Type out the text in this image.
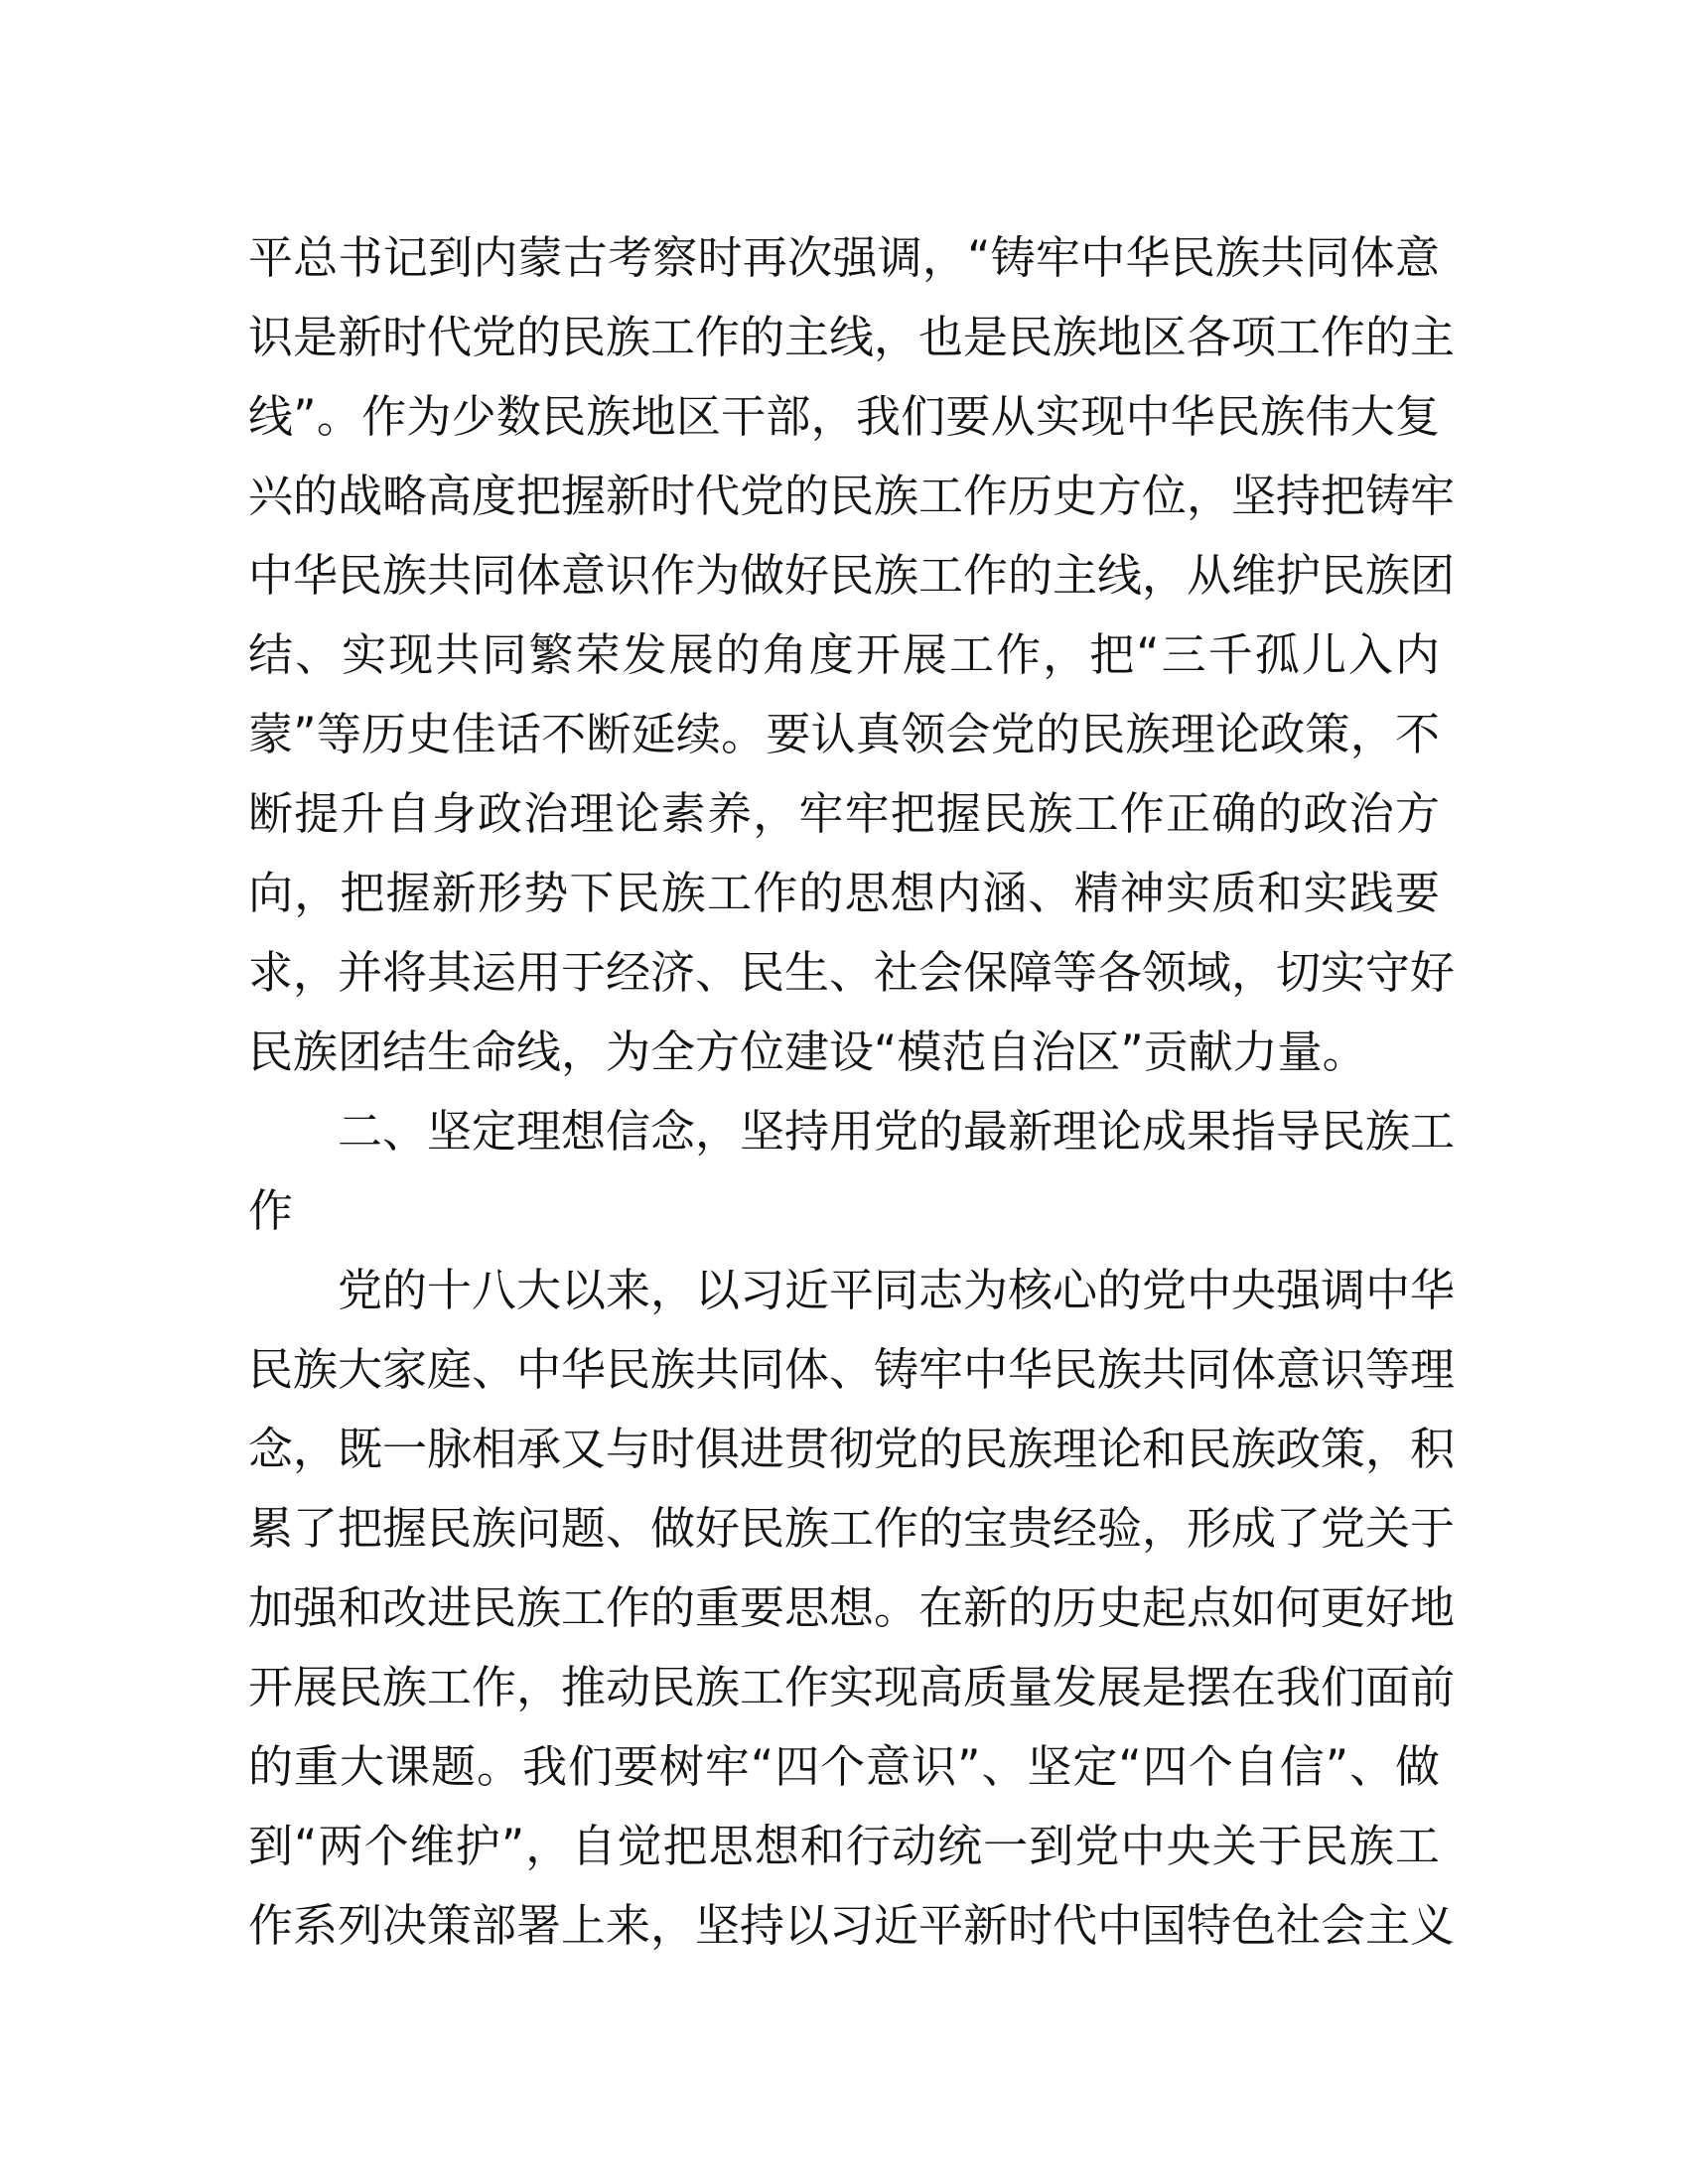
平总书记到内蒙古考察时再次强调，“铸牢中华民族共同体意
识是新时代党的民族工作的主线，也是民族地区各项工作的主
线”。作为少数民族地区干部，我们要从实现中华民族伟大复
兴的战略高度把握新时代党的民族工作历史方位，坚持把铸牢
中华民族共同体意识作为做好民族工作的主线，从维护民族团
结、实现共同繁荣发展的角度开展工作，把“三千孤儿入内
蒙”等历史佳话不断延续。要认真领会党的民族理论政策，不
断提升自身政治理论素养，牢牢把握民族工作正确的政治方
向，把握新形势下民族工作的思想内涵、精神实质和实践要
求，并将其运用于经济、民生、社会保障等各领域，切实守好
民族团结生命线，为全方位建设“模范自治区”贡献力量。
二、坚定理想信念，坚持用党的最新理论成果指导民族工
作
党的十八大以来，以习近平同志为核心的党中央强调中华
民族大家庭、中华民族共同体、铸牢中华民族共同体意识等理
念，既一脉相承又与时俱进贯彻党的民族理论和民族政策，积
累了把握民族问题、做好民族工作的宝贵经验，形成了党关于
加强和改进民族工作的重要思想。在新的历史起点如何更好地
开展民族工作，推动民族工作实现高质量发展是摆在我们面前
的重大课题。我们要树牢“四个意识”、坚定“四个自信”、做
到“两个维护”，自觉把思想和行动统一到党中央关于民族工
作系列决策部署上来，坚持以习近平新时代中国特色社会主义
